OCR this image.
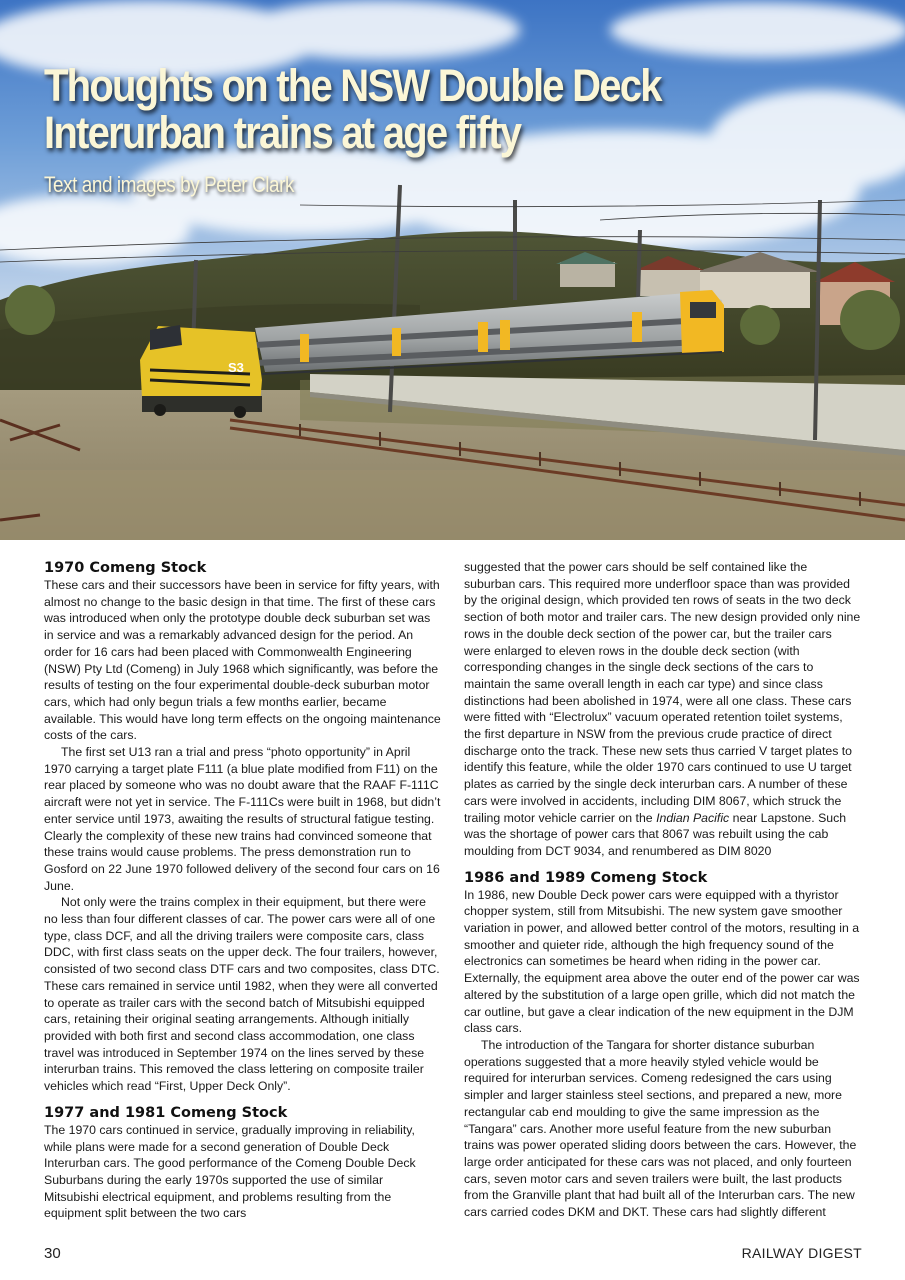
S3
Thoughts on the NSW Double Deck Interurban trains at age fifty

Text and images by Peter Clark

1970 Comeng Stock

These cars and their successors have been in service for fifty years, with almost no change to the basic design in that time. The first of these cars was introduced when only the prototype double deck suburban set was in service and was a remarkably advanced design for the period. An order for 16 cars had been placed with Commonwealth Engineering (NSW) Pty Ltd (Comeng) in July 1968 which significantly, was before the results of testing on the four experimental double-deck suburban motor cars, which had only begun trials a few months earlier, became available. This would have long term effects on the ongoing maintenance costs of the cars.

The first set U13 ran a trial and press “photo opportunity” in April 1970 carrying a target plate F111 (a blue plate modified from F11) on the rear placed by someone who was no doubt aware that the RAAF F-111C aircraft were not yet in service. The F-111Cs were built in 1968, but didn’t enter service until 1973, awaiting the results of structural fatigue testing. Clearly the complexity of these new trains had convinced someone that these trains would cause problems. The press demonstration run to Gosford on 22 June 1970 followed delivery of the second four cars on 16 June.

Not only were the trains complex in their equipment, but there were no less than four different classes of car. The power cars were all of one type, class DCF, and all the driving trailers were composite cars, class DDC, with first class seats on the upper deck. The four trailers, however, consisted of two second class DTF cars and two composites, class DTC. These cars remained in service until 1982, when they were all converted to operate as trailer cars with the second batch of Mitsubishi equipped cars, retaining their original seating arrangements. Although initially provided with both first and second class accommodation, one class travel was introduced in September 1974 on the lines served by these interurban trains. This removed the class lettering on composite trailer vehicles which read “First, Upper Deck Only”.

1977 and 1981 Comeng Stock

The 1970 cars continued in service, gradually improving in reliability, while plans were made for a second generation of Double Deck Interurban cars. The good performance of the Comeng Double Deck Suburbans during the early 1970s supported the use of similar Mitsubishi electrical equipment, and problems resulting from the equipment split between the two cars

suggested that the power cars should be self contained like the suburban cars. This required more underfloor space than was provided by the original design, which provided ten rows of seats in the two deck section of both motor and trailer cars. The new design provided only nine rows in the double deck section of the power car, but the trailer cars were enlarged to eleven rows in the double deck section (with corresponding changes in the single deck sections of the cars to maintain the same overall length in each car type) and since class distinctions had been abolished in 1974, were all one class. These cars were fitted with “Electrolux” vacuum operated retention toilet systems, the first departure in NSW from the previous crude practice of direct discharge onto the track. These new sets thus carried V target plates to identify this feature, while the older 1970 cars continued to use U target plates as carried by the single deck interurban cars. A number of these cars were involved in accidents, including DIM 8067, which struck the trailing motor vehicle carrier on the Indian Pacific near Lapstone. Such was the shortage of power cars that 8067 was rebuilt using the cab moulding from DCT 9034, and renumbered as DIM 8020

1986 and 1989 Comeng Stock

In 1986, new Double Deck power cars were equipped with a thyristor chopper system, still from Mitsubishi. The new system gave smoother variation in power, and allowed better control of the motors, resulting in a smoother and quieter ride, although the high frequency sound of the electronics can sometimes be heard when riding in the power car. Externally, the equipment area above the outer end of the power car was altered by the substitution of a large open grille, which did not match the car outline, but gave a clear indication of the new equipment in the DJM class cars.

The introduction of the Tangara for shorter distance suburban operations suggested that a more heavily styled vehicle would be required for interurban services. Comeng redesigned the cars using simpler and larger stainless steel sections, and prepared a new, more rectangular cab end moulding to give the same impression as the “Tangara” cars. Another more useful feature from the new suburban trains was power operated sliding doors between the cars. However, the large order anticipated for these cars was not placed, and only fourteen cars, seven motor cars and seven trailers were built, the last products from the Granville plant that had built all of the Interurban cars. The new cars carried codes DKM and DKT. These cars had slightly different

30	RAILWAY DIGEST
